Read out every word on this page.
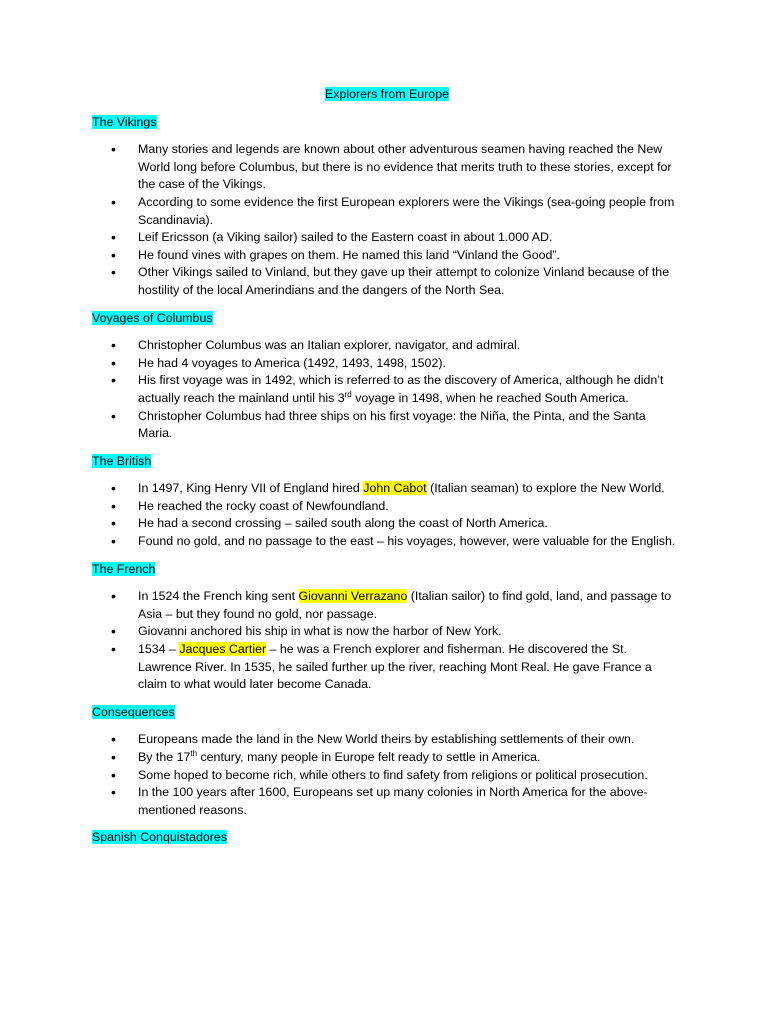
Explorers from Europe

The Vikings

• Many stories and legends are known about other adventurous seamen having reached the New World long before Columbus, but there is no evidence that merits truth to these stories, except for the case of the Vikings.
• According to some evidence the first European explorers were the Vikings (sea-going people from Scandinavia).
• Leif Ericsson (a Viking sailor) sailed to the Eastern coast in about 1.000 AD.
• He found vines with grapes on them. He named this land “Vinland the Good”.
• Other Vikings sailed to Vinland, but they gave up their attempt to colonize Vinland because of the hostility of the local Amerindians and the dangers of the North Sea.

Voyages of Columbus

• Christopher Columbus was an Italian explorer, navigator, and admiral.
• He had 4 voyages to America (1492, 1493, 1498, 1502).
• His first voyage was in 1492, which is referred to as the discovery of America, although he didn’t actually reach the mainland until his 3rd voyage in 1498, when he reached South America.
• Christopher Columbus had three ships on his first voyage: the Niña, the Pinta, and the Santa Maria.

The British

• In 1497, King Henry VII of England hired John Cabot (Italian seaman) to explore the New World.
• He reached the rocky coast of Newfoundland.
• He had a second crossing – sailed south along the coast of North America.
• Found no gold, and no passage to the east – his voyages, however, were valuable for the English.

The French

• In 1524 the French king sent Giovanni Verrazano (Italian sailor) to find gold, land, and passage to Asia – but they found no gold, nor passage.
• Giovanni anchored his ship in what is now the harbor of New York.
• 1534 – Jacques Cartier – he was a French explorer and fisherman. He discovered the St. Lawrence River. In 1535, he sailed further up the river, reaching Mont Real. He gave France a claim to what would later become Canada.

Consequences

• Europeans made the land in the New World theirs by establishing settlements of their own.
• By the 17th century, many people in Europe felt ready to settle in America.
• Some hoped to become rich, while others to find safety from religions or political prosecution.
• In the 100 years after 1600, Europeans set up many colonies in North America for the above-mentioned reasons.

Spanish Conquistadores
